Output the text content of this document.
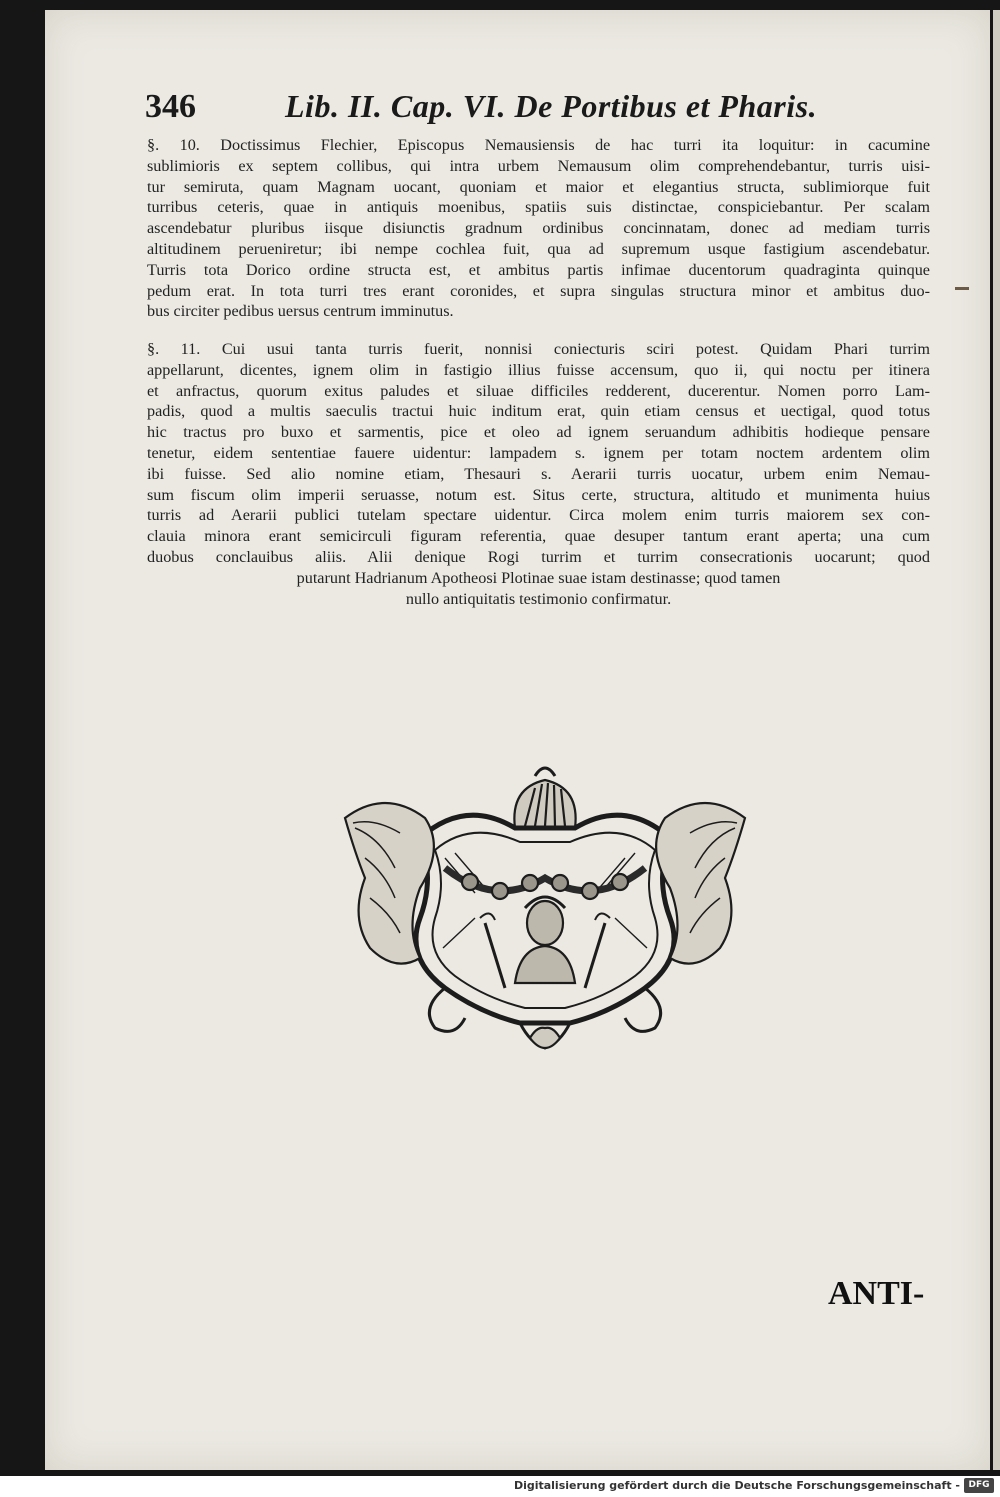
346	Lib. II. Cap. VI. De Portibus et Pharis.
§. 10. Doctissimus Flechier, Episcopus Nemausiensis de hac turri ita loquitur: in cacumine
sublimioris ex septem collibus, qui intra urbem Nemausum olim comprehendebantur, turris uisi-
tur semiruta, quam Magnam uocant, quoniam et maior et elegantius structa, sublimiorque fuit
turribus ceteris, quae in antiquis moenibus, spatiis suis distinctae, conspiciebantur. Per scalam
ascendebatur pluribus iisque disiunctis gradnum ordinibus concinnatam, donec ad mediam turris
altitudinem perueniretur; ibi nempe cochlea fuit, qua ad supremum usque fastigium ascendebatur.
Turris tota Dorico ordine structa est, et ambitus partis infimae ducentorum quadraginta quinque
pedum erat. In tota turri tres erant coronides, et supra singulas structura minor et ambitus duo-
bus circiter pedibus uersus centrum imminutus.
§. 11. Cui usui tanta turris fuerit, nonnisi coniecturis sciri potest. Quidam Phari turrim
appellarunt, dicentes, ignem olim in fastigio illius fuisse accensum, quo ii, qui noctu per itinera
et anfractus, quorum exitus paludes et siluae difficiles redderent, ducerentur. Nomen porro Lam-
padis, quod a multis saeculis tractui huic inditum erat, quin etiam census et uectigal, quod totus
hic tractus pro buxo et sarmentis, pice et oleo ad ignem seruandum adhibitis hodieque pensare
tenetur, eidem sententiae fauere uidentur: lampadem s. ignem per totam noctem ardentem olim
ibi fuisse. Sed alio nomine etiam, Thesauri s. Aerarii turris uocatur, urbem enim Nemau-
sum fiscum olim imperii seruasse, notum est. Situs certe, structura, altitudo et munimenta huius
turris ad Aerarii publici tutelam spectare uidentur. Circa molem enim turris maiorem sex con-
clauia minora erant semicirculi figuram referentia, quae desuper tantum erant aperta; una cum
duobus conclauibus aliis. Alii denique Rogi turrim et turrim consecrationis uocarunt; quod
putarunt Hadrianum Apotheosi Plotinae suae istam destinasse; quod tamen
nullo antiquitatis testimonio confirmatur.
ANTI-
Digitalisierung gefördert durch die Deutsche Forschungsgemeinschaft - DFG
